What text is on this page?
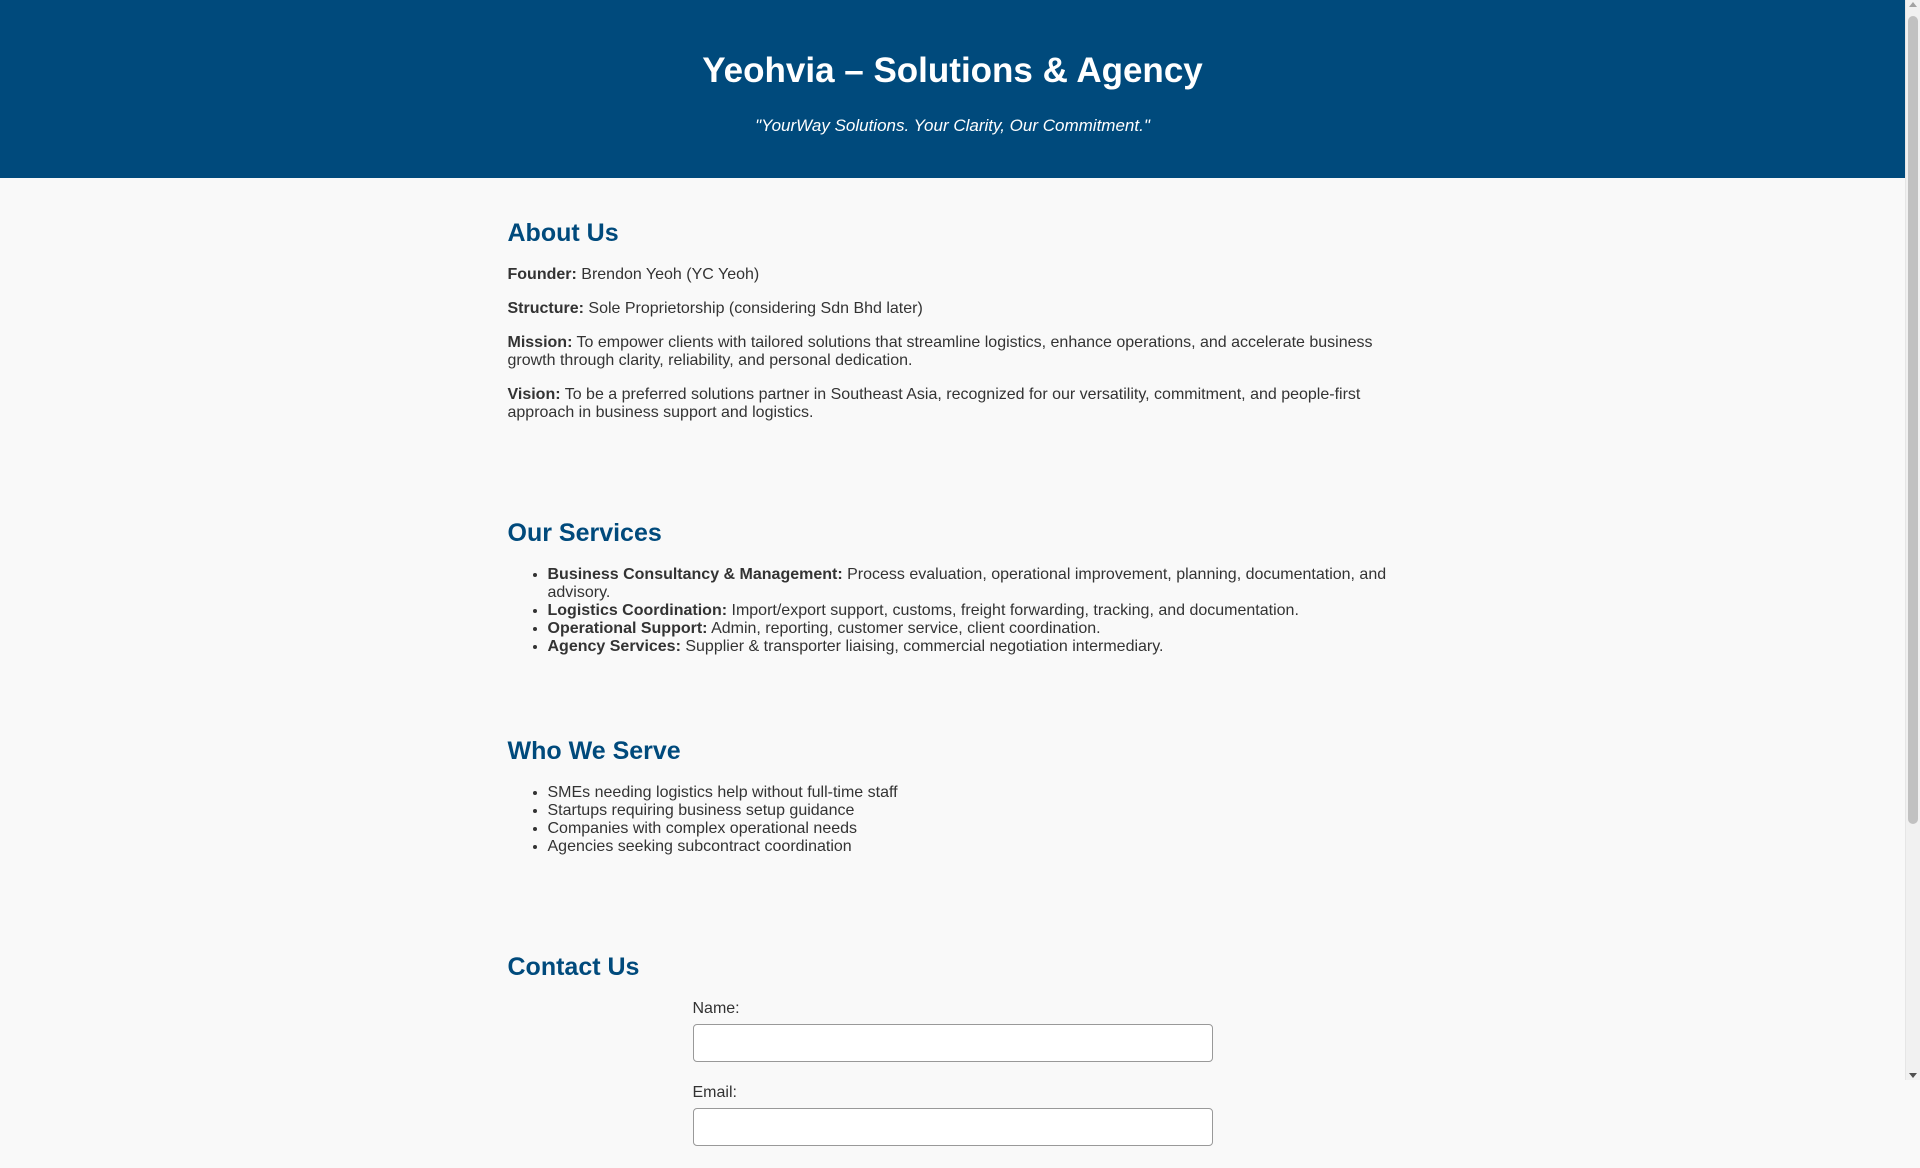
Yeohvia – Solutions & Agency

"YourWay Solutions. Your Clarity, Our Commitment."

About Us

Founder: Brendon Yeoh (YC Yeoh)

Structure: Sole Proprietorship (considering Sdn Bhd later)

Mission: To empower clients with tailored solutions that streamline logistics, enhance operations, and accelerate business growth through clarity, reliability, and personal dedication.

Vision: To be a preferred solutions partner in Southeast Asia, recognized for our versatility, commitment, and people-first approach in business support and logistics.

Our Services
• Business Consultancy & Management: Process evaluation, operational improvement, planning, documentation, and advisory.
• Logistics Coordination: Import/export support, customs, freight forwarding, tracking, and documentation.
• Operational Support: Admin, reporting, customer service, client coordination.
• Agency Services: Supplier & transporter liaising, commercial negotiation intermediary.
Who We Serve
• SMEs needing logistics help without full-time staff
• Startups requiring business setup guidance
• Companies with complex operational needs
• Agencies seeking subcontract coordination
Contact Us
Name:
Email:
